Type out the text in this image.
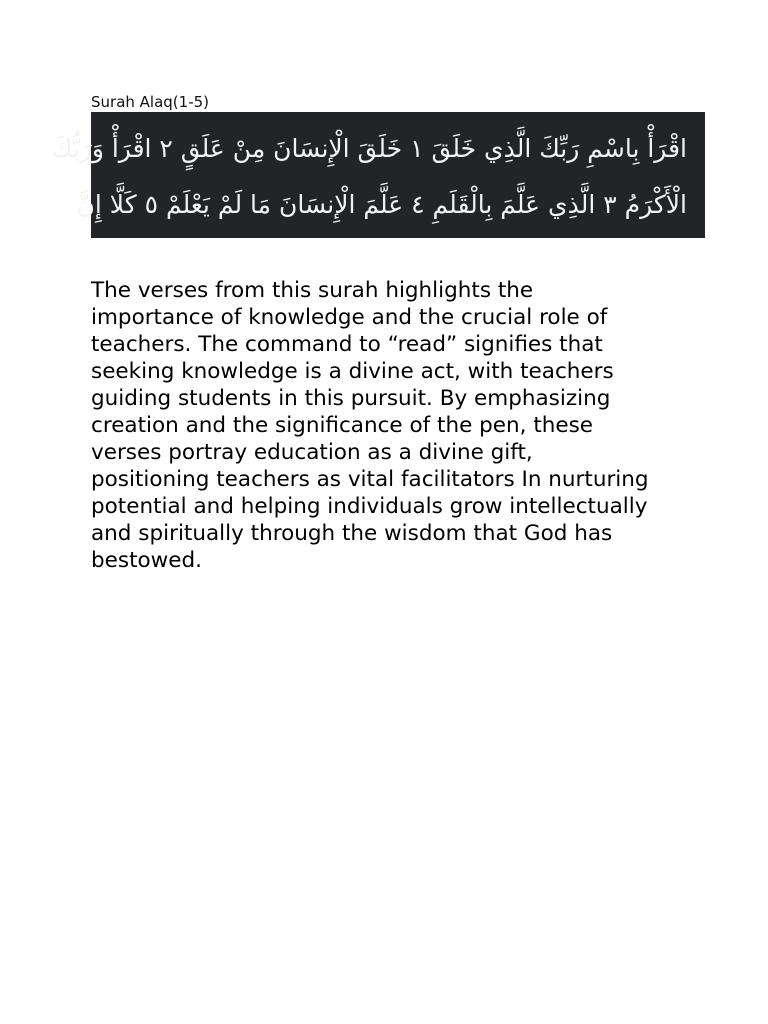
Surah Alaq(1-5)
اقْرَأْ بِاسْمِ رَبِّكَ الَّذِي خَلَقَ ١ خَلَقَ الْإِنسَانَ مِنْ عَلَقٍ ٢ اقْرَأْ وَرَبُّكَ
الْأَكْرَمُ ٣ الَّذِي عَلَّمَ بِالْقَلَمِ ٤ عَلَّمَ الْإِنسَانَ مَا لَمْ يَعْلَمْ ٥ كَلَّا إِنَّ
The verses from this surah highlights the
importance of knowledge and the crucial role of
teachers. The command to “read” signifies that
seeking knowledge is a divine act, with teachers
guiding students in this pursuit. By emphasizing
creation and the significance of the pen, these
verses portray education as a divine gift,
positioning teachers as vital facilitators In nurturing
potential and helping individuals grow intellectually
and spiritually through the wisdom that God has
bestowed.
